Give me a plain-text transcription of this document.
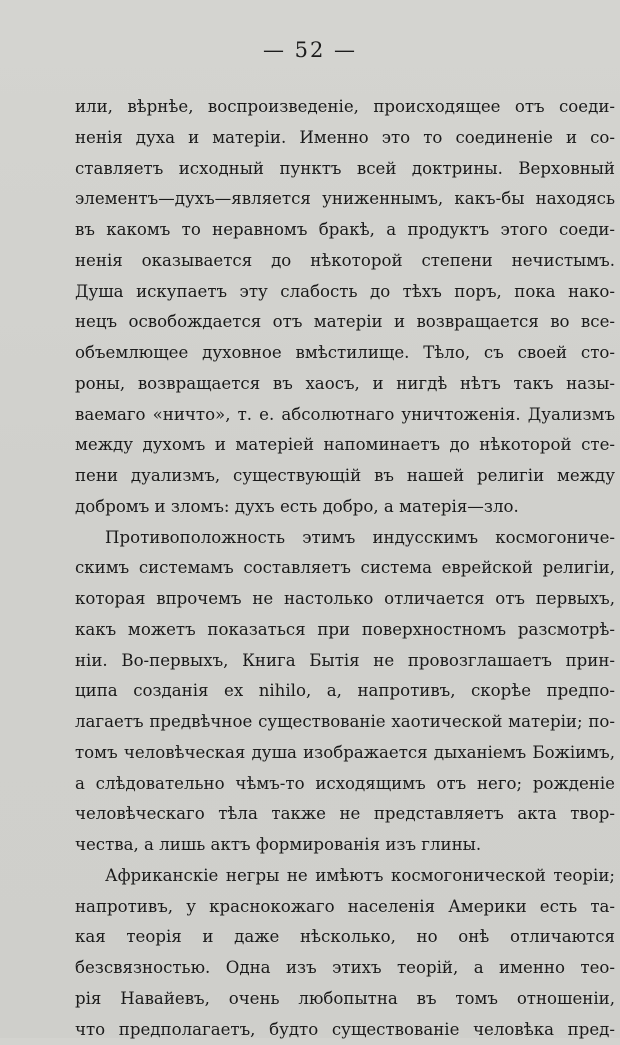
— 52 —
или, вѣрнѣе, воспроизведенiе, происходящее отъ соеди-
ненiя духа и матерiи. Именно это то соединенiе и со-
ставляетъ исходный пунктъ всей доктрины. Верховный
элементъ—духъ—является униженнымъ, какъ-бы находясь
въ какомъ то неравномъ бракѣ, а продуктъ этого соеди-
ненiя оказывается до нѣкоторой степени нечистымъ.
Душа искупаетъ эту слабость до тѣхъ поръ, пока нако-
нецъ освобождается отъ матерiи и возвращается во все-
объемлющее духовное вмѣстилище. Тѣло, съ своей сто-
роны, возвращается въ хаосъ, и нигдѣ нѣтъ такъ назы-
ваемаго «ничто», т. е. абсолютнаго уничтоженiя. Дуализмъ
между духомъ и матерiей напоминаетъ до нѣкоторой сте-
пени дуализмъ, существующiй въ нашей религiи между
добромъ и зломъ: духъ есть добро, а матерiя—зло.
Противоположность этимъ индусскимъ космогониче-
скимъ системамъ составляетъ система еврейской религiи,
которая впрочемъ не настолько отличается отъ первыхъ,
какъ можетъ показаться при поверхностномъ разсмотрѣ-
нiи. Во-первыхъ, Книга Бытiя не провозглашаетъ прин-
ципа созданiя ex nihilo, а, напротивъ, скорѣе предпо-
лагаетъ предвѣчное существованiе хаотической матерiи; по-
томъ человѣческая душа изображается дыханiемъ Божiимъ,
а слѣдовательно чѣмъ-то исходящимъ отъ него; рожденiе
человѣческаго тѣла также не представляетъ акта твор-
чества, а лишь актъ формированiя изъ глины.
Африканскiе негры не имѣютъ космогонической теорiи;
напротивъ, у краснокожаго населенiя Америки есть та-
кая теорiя и даже нѣсколько, но онѣ отличаются
безсвязностью. Одна изъ этихъ теорiй, а именно тео-
рiя Навайевъ, очень любопытна въ томъ отношенiи,
что предполагаетъ, будто существованiе человѣка пред-
